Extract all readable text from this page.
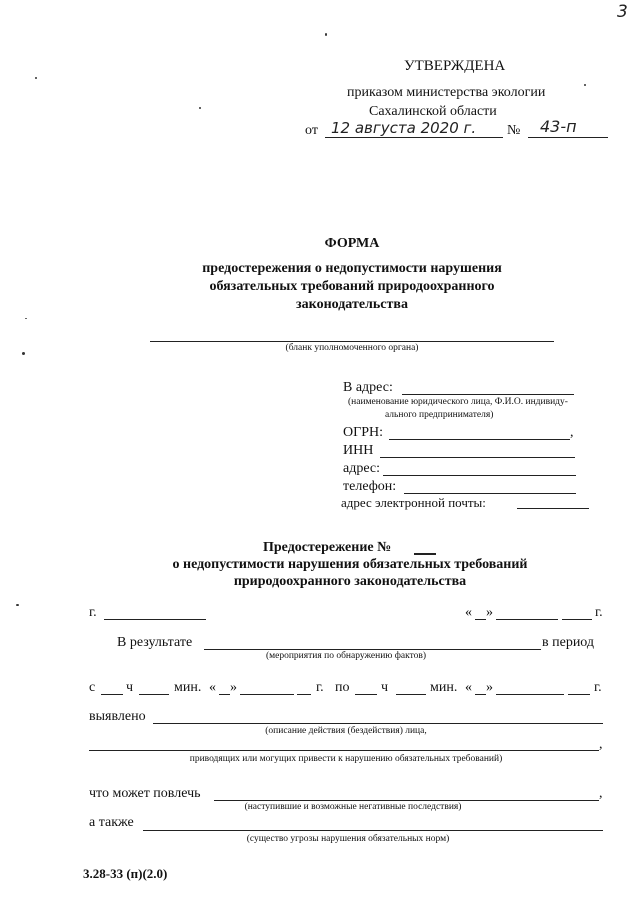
3
УТВЕРЖДЕНА
приказом министерства экологии
Сахалинской области
от 12 августа 2020 г. № 43-п
ФОРМА
предостережения о недопустимости нарушения
обязательных требований природоохранного
законодательства
(бланк уполномоченного органа)
В адрес:
(наименование юридического лица, Ф.И.О. индивиду-
ального предпринимателя)
ОГРН:	,
ИНН
адрес:
телефон:
адрес электронной почты:
Предостережение №
о недопустимости нарушения обязательных требований
природоохранного законодательства
г.	« »	г.
В результате	в период
(мероприятия по обнаружению фактов)
с ч	мин. « »	г. по ч	мин. « »	г.
выявлено
(описание действия (бездействия) лица,
,
приводящих или могущих привести к нарушению обязательных требований)
что может повлечь	,
(наступившие и возможные негативные последствия)
а также
(существо угрозы нарушения обязательных норм)
3.28-33 (п)(2.0)
